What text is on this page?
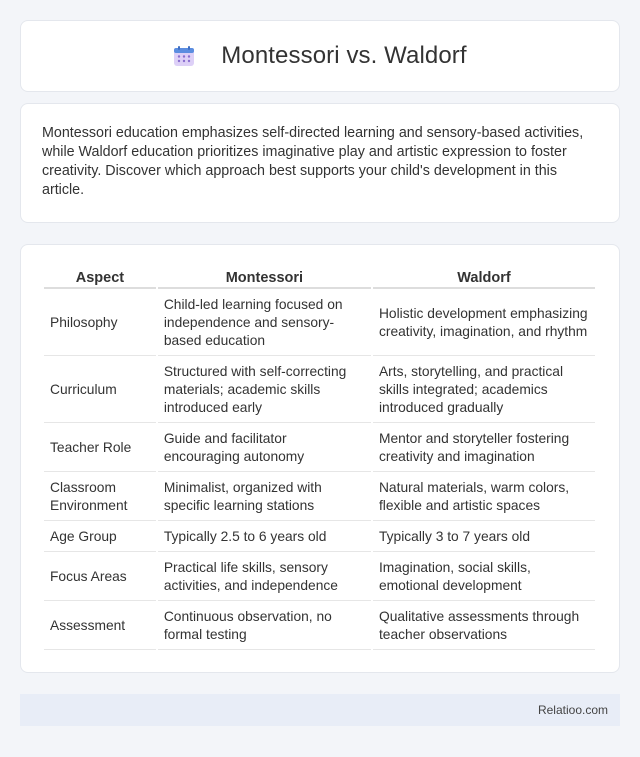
Montessori vs. Waldorf

Montessori education emphasizes self-directed learning and sensory-based activities, while Waldorf education prioritizes imaginative play and artistic expression to foster creativity. Discover which approach best supports your child's development in this article.

Aspect	Montessori	Waldorf
Philosophy	Child-led learning focused on independence and sensory-based education	Holistic development emphasizing creativity, imagination, and rhythm
Curriculum	Structured with self-correcting materials; academic skills introduced early	Arts, storytelling, and practical skills integrated; academics introduced gradually
Teacher Role	Guide and facilitator encouraging autonomy	Mentor and storyteller fostering creativity and imagination
Classroom Environment	Minimalist, organized with specific learning stations	Natural materials, warm colors, flexible and artistic spaces
Age Group	Typically 2.5 to 6 years old	Typically 3 to 7 years old
Focus Areas	Practical life skills, sensory activities, and independence	Imagination, social skills, emotional development
Assessment	Continuous observation, no formal testing	Qualitative assessments through teacher observations
Relatioo.com
